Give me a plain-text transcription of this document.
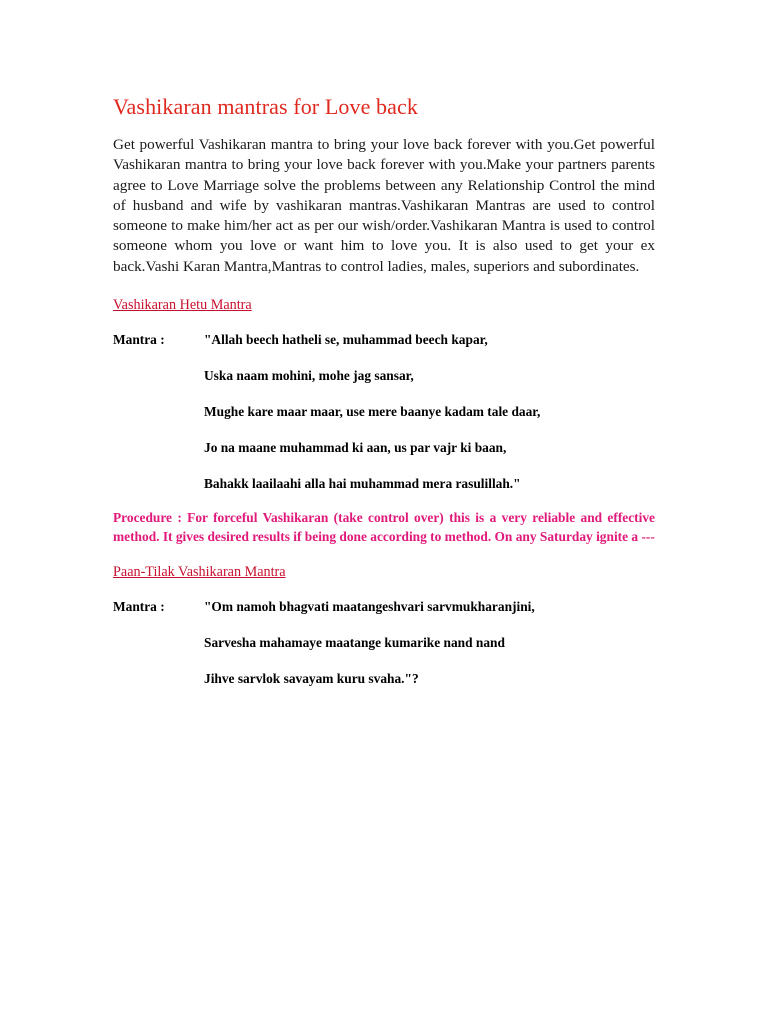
Vashikaran mantras for Love back

Get powerful Vashikaran mantra to bring your love back forever with you.Get powerful Vashikaran mantra to bring your love back forever with you.Make your partners parents agree to Love Marriage solve the problems between any Relationship Control the mind of husband and wife by vashikaran mantras.Vashikaran Mantras are used to control someone to make him/her act as per our wish/order.Vashikaran Mantra is used to control someone whom you love or want him to love you. It is also used to get your ex back.Vashi Karan Mantra,Mantras to control ladies, males, superiors and subordinates.

Vashikaran Hetu Mantra
Mantra :	"Allah beech hatheli se, muhammad beech kapar,
Uska naam mohini, mohe jag sansar,
Mughe kare maar maar, use mere baanye kadam tale daar,
Jo na maane muhammad ki aan, us par vajr ki baan,
Bahakk laailaahi alla hai muhammad mera rasulillah."

Procedure : For forceful Vashikaran (take control over) this is a very reliable and effective method. It gives desired results if being done according to method. On any Saturday ignite a ---

Paan-Tilak Vashikaran Mantra
Mantra :	"Om namoh bhagvati maatangeshvari sarvmukharanjini,
Sarvesha mahamaye maatange kumarike nand nand
Jihve sarvlok savayam kuru svaha."?
